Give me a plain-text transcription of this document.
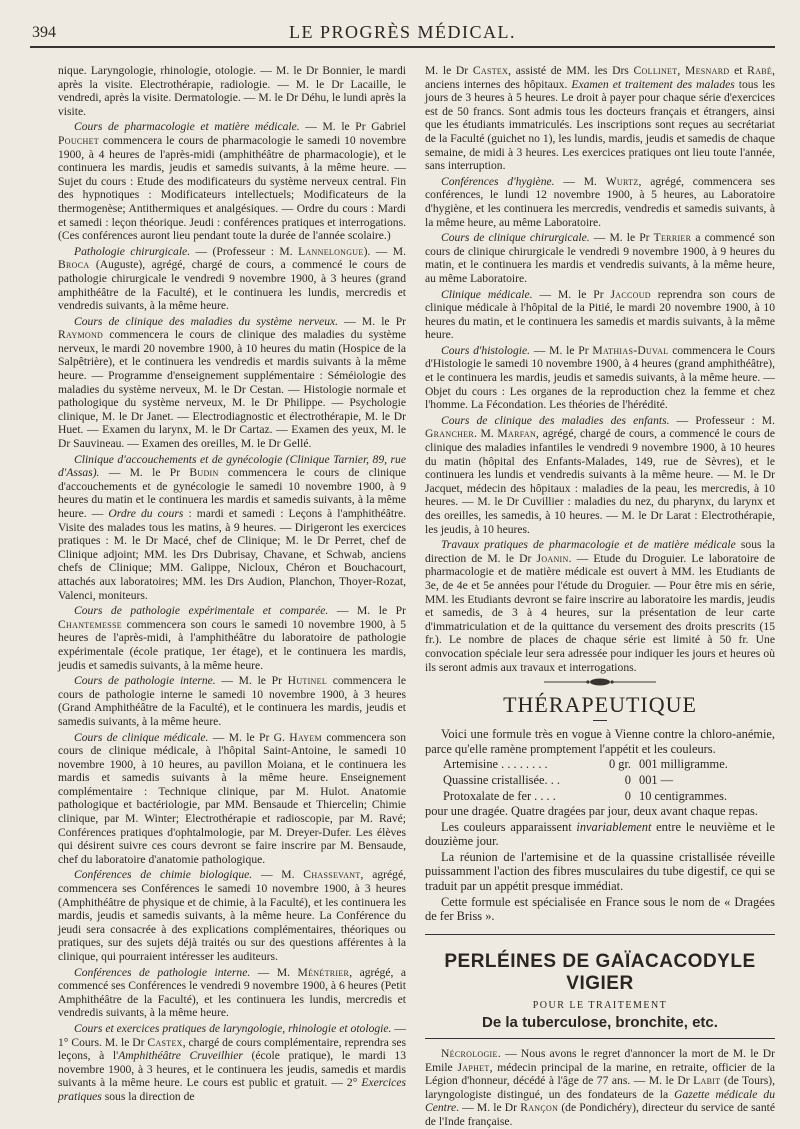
394	LE PROGRÈS MÉDICAL.

nique. Laryngologie, rhinologie, otologie. — M. le Dr Bonnier, le mardi après la visite. Electrothérapie, radiologie. — M. le Dr Lacaille, le vendredi, après la visite. Dermatologie. — M. le Dr Déhu, le lundi après la visite.

Cours de pharmacologie et matière médicale. — M. le Pr Gabriel Pouchet commencera le cours de pharmacologie le samedi 10 novembre 1900, à 4 heures de l'après-midi (amphithéâtre de pharmacologie), et le continuera les mardis, jeudis et samedis suivants, à la même heure. — Sujet du cours : Etude des modificateurs du système nerveux central. Fin des hypnotiques : Modificateurs intellectuels; Modificateurs de la thermogenèse; Antithermiques et analgésiques. — Ordre du cours : Mardi et samedi : leçon théorique. Jeudi : conférences pratiques et interrogations. (Ces conférences auront lieu pendant toute la durée de l'année scolaire.)

Pathologie chirurgicale. — (Professeur : M. Lannelongue). — M. Broca (Auguste), agrégé, chargé de cours, a commencé le cours de pathologie chirurgicale le vendredi 9 novembre 1900, à 3 heures (grand amphithéâtre de la Faculté), et le continuera les lundis, mercredis et vendredis suivants, à la même heure.

Cours de clinique des maladies du système nerveux. — M. le Pr Raymond commencera le cours de clinique des maladies du système nerveux, le mardi 20 novembre 1900, à 10 heures du matin (Hospice de la Salpêtrière), et le continuera les vendredis et mardis suivants à la même heure. — Programme d'enseignement supplémentaire : Séméiologie des maladies du système nerveux, M. le Dr Cestan. — Histologie normale et pathologique du système nerveux, M. le Dr Philippe. — Psychologie clinique, M. le Dr Janet. — Electrodiagnostic et électrothérapie, M. le Dr Huet. — Examen du larynx, M. le Dr Cartaz. — Examen des yeux, M. le Dr Sauvineau. — Examen des oreilles, M. le Dr Gellé.

Clinique d'accouchements et de gynécologie (Clinique Tarnier, 89, rue d'Assas). — M. le Pr Budin commencera le cours de clinique d'accouchements et de gynécologie le samedi 10 novembre 1900, à 9 heures du matin et le continuera les mardis et samedis suivants, à la même heure. — Ordre du cours : mardi et samedi : Leçons à l'amphithéâtre. Visite des malades tous les matins, à 9 heures. — Dirigeront les exercices pratiques : M. le Dr Macé, chef de Clinique; M. le Dr Perret, chef de Clinique adjoint; MM. les Drs Dubrisay, Chavane, et Schwab, anciens chefs de Clinique; MM. Galippe, Nicloux, Chéron et Bouchacourt, attachés aux laboratoires; MM. les Drs Audion, Planchon, Thoyer-Rozat, Valenci, moniteurs.

Cours de pathologie expérimentale et comparée. — M. le Pr Chantemesse commencera son cours le samedi 10 novembre 1900, à 5 heures de l'après-midi, à l'amphithéâtre du laboratoire de pathologie expérimentale (école pratique, 1er étage), et le continuera les mardis, jeudis et samedis suivants, à la même heure.

Cours de pathologie interne. — M. le Pr Hutinel commencera le cours de pathologie interne le samedi 10 novembre 1900, à 3 heures (Grand Amphithéâtre de la Faculté), et le continuera les mardis, jeudis et samedis suivants, à la même heure.

Cours de clinique médicale. — M. le Pr G. Hayem commencera son cours de clinique médicale, à l'hôpital Saint-Antoine, le samedi 10 novembre 1900, à 10 heures, au pavillon Moiana, et le continuera les mardis et samedis suivants à la même heure. Enseignement complémentaire : Technique clinique, par M. Hulot. Anatomie pathologique et bactériologie, par MM. Bensaude et Thiercelin; Chimie clinique, par M. Winter; Electrothérapie et radioscopie, par M. Ravé; Conférences pratiques d'ophtalmologie, par M. Dreyer-Dufer. Les élèves qui désirent suivre ces cours devront se faire inscrire par M. Bensaude, chef du laboratoire d'anatomie pathologique.

Conférences de chimie biologique. — M. Chassevant, agrégé, commencera ses Conférences le samedi 10 novembre 1900, à 3 heures (Amphithéâtre de physique et de chimie, à la Faculté), et les continuera les mardis, jeudis et samedis suivants, à la même heure. La Conférence du jeudi sera consacrée à des explications complémentaires, théoriques ou pratiques, sur des sujets déjà traités ou sur des questions afférentes à la clinique, qui pourraient intéresser les auditeurs.

Conférences de pathologie interne. — M. Ménétrier, agrégé, a commencé ses Conférences le vendredi 9 novembre 1900, à 6 heures (Petit Amphithéâtre de la Faculté), et les continuera les lundis, mercredis et vendredis suivants, à la même heure.

Cours et exercices pratiques de laryngologie, rhinologie et otologie. — 1° Cours. M. le Dr Castex, chargé de cours complémentaire, reprendra ses leçons, à l'Amphithéâtre Cruveilhier (école pratique), le mardi 13 novembre 1900, à 3 heures, et le continuera les jeudis, samedis et mardis suivants à la même heure. Le cours est public et gratuit. — 2° Exercices pratiques sous la direction de

M. le Dr Castex, assisté de MM. les Drs Collinet, Mesnard et Rabé, anciens internes des hôpitaux. Examen et traitement des malades tous les jours de 3 heures à 5 heures. Le droit à payer pour chaque série d'exercices est de 50 francs. Sont admis tous les docteurs français et étrangers, ainsi que les étudiants immatriculés. Les inscriptions sont reçues au secrétariat de la Faculté (guichet no 1), les lundis, mardis, jeudis et samedis de chaque semaine, de midi à 3 heures. Les exercices pratiques ont lieu toute l'année, sans interruption.

Conférences d'hygiène. — M. Wurtz, agrégé, commencera ses conférences, le lundi 12 novembre 1900, à 5 heures, au Laboratoire d'hygiène, et les continuera les mercredis, vendredis et samedis suivants, à la même heure, au même Laboratoire.

Cours de clinique chirurgicale. — M. le Pr Terrier a commencé son cours de clinique chirurgicale le vendredi 9 novembre 1900, à 9 heures du matin, et le continuera les mardis et vendredis suivants, à la même heure, au même Laboratoire.

Clinique médicale. — M. le Pr Jaccoud reprendra son cours de clinique médicale à l'hôpital de la Pitié, le mardi 20 novembre 1900, à 10 heures du matin, et le continuera les samedis et mardis suivants, à la même heure.

Cours d'histologie. — M. le Pr Mathias-Duval commencera le Cours d'Histologie le samedi 10 novembre 1900, à 4 heures (grand amphithéâtre), et le continuera les mardis, jeudis et samedis suivants, à la même heure. — Objet du cours : Les organes de la reproduction chez la femme et chez l'homme. La Fécondation. Les théories de l'hérédité.

Cours de clinique des maladies des enfants. — Professeur : M. Grancher. M. Marfan, agrégé, chargé de cours, a commencé le cours de clinique des maladies infantiles le vendredi 9 novembre 1900, à 10 heures du matin (hôpital des Enfants-Malades, 149, rue de Sèvres), et le continuera les lundis et vendredis suivants à la même heure. — M. le Dr Jacquet, médecin des hôpitaux : maladies de la peau, les mercredis, à 10 heures. — M. le Dr Cuvillier : maladies du nez, du pharynx, du larynx et des oreilles, les samedis, à 10 heures. — M. le Dr Larat : Electrothérapie, les jeudis, à 10 heures.

Travaux pratiques de pharmacologie et de matière médicale sous la direction de M. le Dr Joanin. — Etude du Droguier. Le laboratoire de pharmacologie et de matière médicale est ouvert à MM. les Etudiants de 3e, de 4e et 5e années pour l'étude du Droguier. — Pour être mis en série, MM. les Etudiants devront se faire inscrire au laboratoire les mardis, jeudis et samedis, de 3 à 4 heures, sur la présentation de leur carte d'immatriculation et de la quittance du versement des droits prescrits (15 fr.). Le nombre de places de chaque série est limité à 50 fr. Une convocation spéciale leur sera adressée pour indiquer les jours et heures où ils seront admis aux travaux et interrogations.

THÉRAPEUTIQUE

Voici une formule très en vogue à Vienne contre la chloro-anémie, parce qu'elle ramène promptement l'appétit et les couleurs.

Artemisine . . . . . . . .	0 gr. 001 milligramme.
Quassine cristallisée. . .	0 001 —
Protoxalate de fer . . . .	0 10 centigrammes.

pour une dragée. Quatre dragées par jour, deux avant chaque repas.

Les couleurs apparaissent invariablement entre le neuvième et le douzième jour.

La réunion de l'artemisine et de la quassine cristallisée réveille puissamment l'action des fibres musculaires du tube digestif, ce qui se traduit par un appétit presque immédiat.

Cette formule est spécialisée en France sous le nom de « Dragées de fer Briss ».

PERLÉINES DE GAÏACACODYLE VIGIER
POUR LE TRAITEMENT
De la tuberculose, bronchite, etc.

Nécrologie. — Nous avons le regret d'annoncer la mort de M. le Dr Emile Japhet, médecin principal de la marine, en retraite, officier de la Légion d'honneur, décédé à l'âge de 77 ans. — M. le Dr Labit (de Tours), laryngologiste distingué, un des fondateurs de la Gazette médicale du Centre. — M. le Dr Rançon (de Pondichéry), directeur du service de santé de l'Inde française.
